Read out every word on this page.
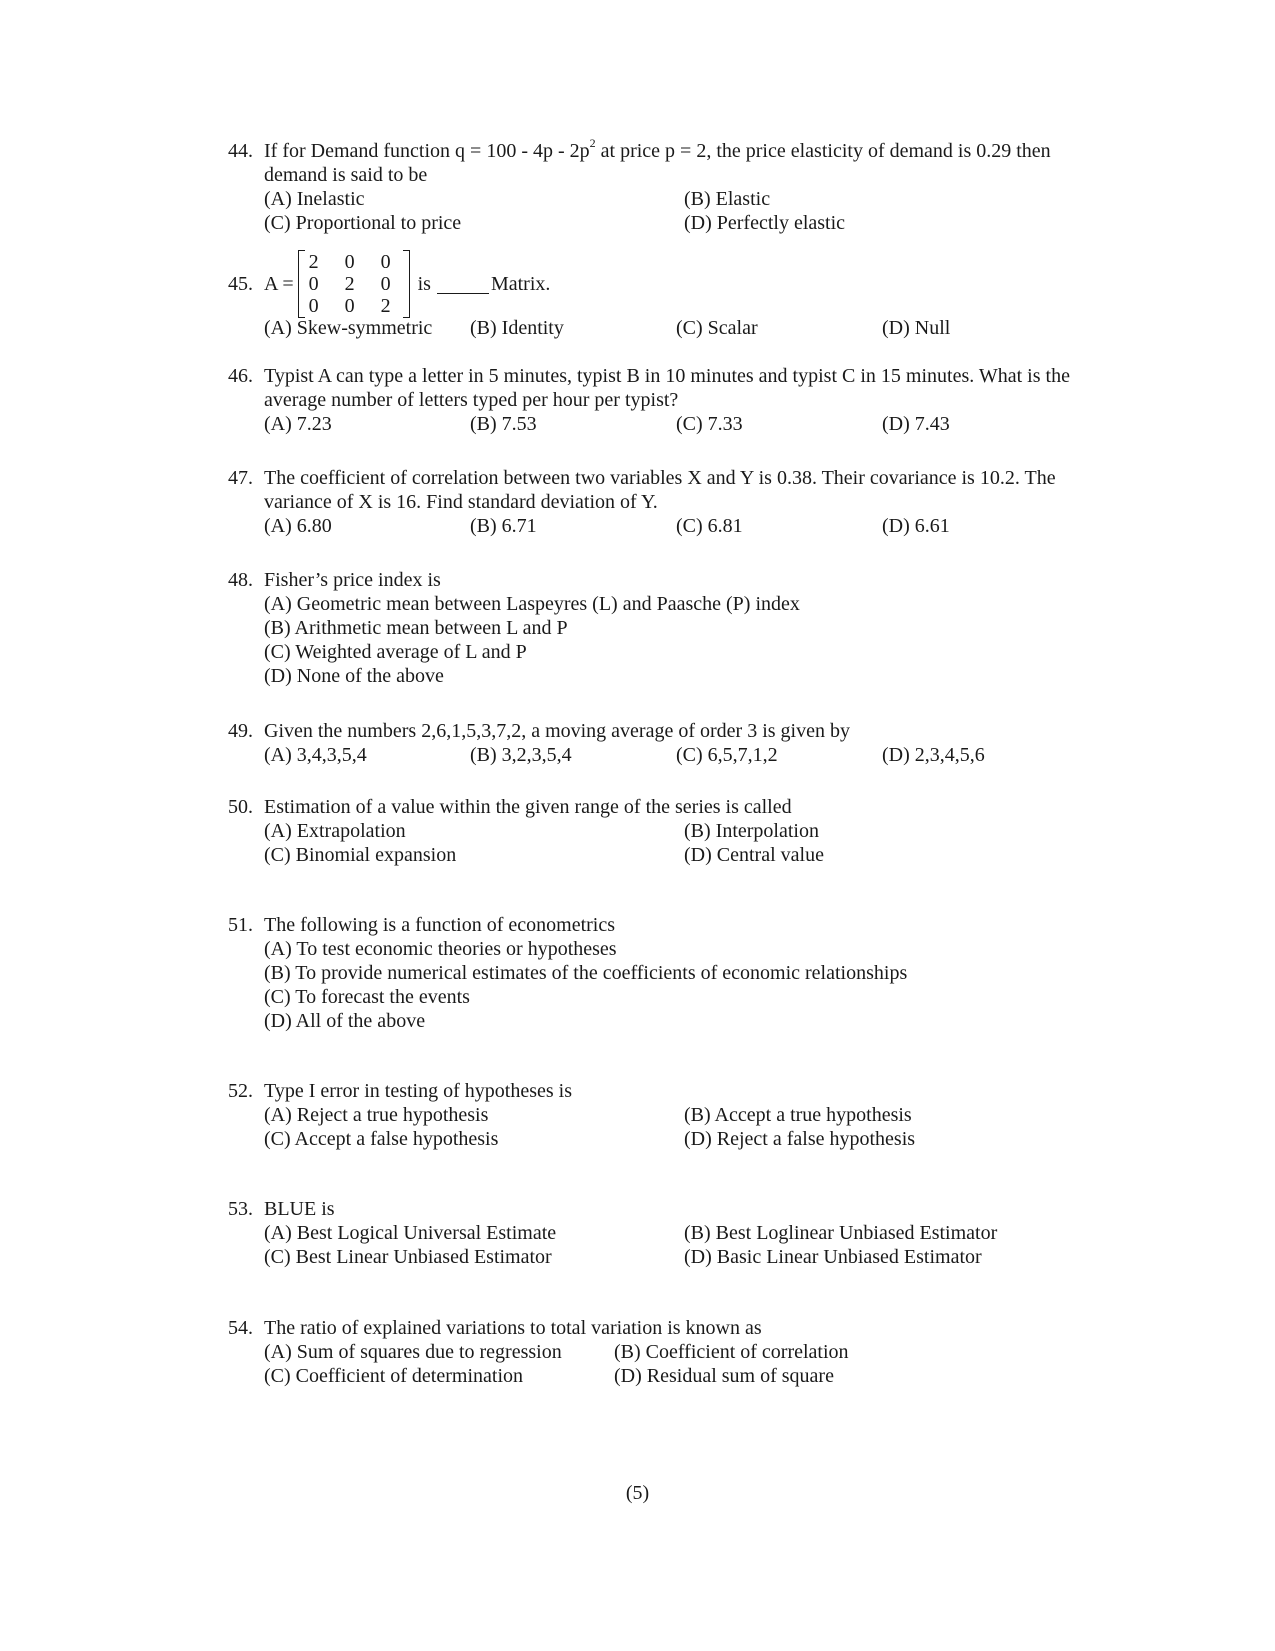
44. If for Demand function $q = 100 - 4p - 2p^2$ at price p = 2, the price elasticity of demand is 0.29 then demand is said to be
(A) Inelastic	(B) Elastic
(C) Proportional to price	(D) Perfectly elastic
45. A =
2	0	0
0	2	0
0	0	2
is	Matrix.
(A) Skew-symmetric	(B) Identity	(C) Scalar	(D) Null
46. Typist A can type a letter in 5 minutes, typist B in 10 minutes and typist C in 15 minutes. What is the average number of letters typed per hour per typist?
(A) 7.23	(B) 7.53	(C) 7.33	(D) 7.43
47. The coefficient of correlation between two variables X and Y is 0.38. Their covariance is 10.2. The variance of X is 16. Find standard deviation of Y.
(A) 6.80	(B) 6.71	(C) 6.81	(D) 6.61
48. Fisher’s price index is
(A) Geometric mean between Laspeyres (L) and Paasche (P) index
(B) Arithmetic mean between L and P
(C) Weighted average of L and P
(D) None of the above
49. Given the numbers 2,6,1,5,3,7,2, a moving average of order 3 is given by
(A) 3,4,3,5,4	(B) 3,2,3,5,4	(C) 6,5,7,1,2	(D) 2,3,4,5,6
50. Estimation of a value within the given range of the series is called
(A) Extrapolation	(B) Interpolation
(C) Binomial expansion	(D) Central value
51. The following is a function of econometrics
(A) To test economic theories or hypotheses
(B) To provide numerical estimates of the coefficients of economic relationships
(C) To forecast the events
(D) All of the above
52. Type I error in testing of hypotheses is
(A) Reject a true hypothesis	(B) Accept a true hypothesis
(C) Accept a false hypothesis	(D) Reject a false hypothesis
53. BLUE is
(A) Best Logical Universal Estimate	(B) Best Loglinear Unbiased Estimator
(C) Best Linear Unbiased Estimator	(D) Basic Linear Unbiased Estimator
54. The ratio of explained variations to total variation is known as
(A) Sum of squares due to regression	(B) Coefficient of correlation
(C) Coefficient of determination	(D) Residual sum of square
(5)
